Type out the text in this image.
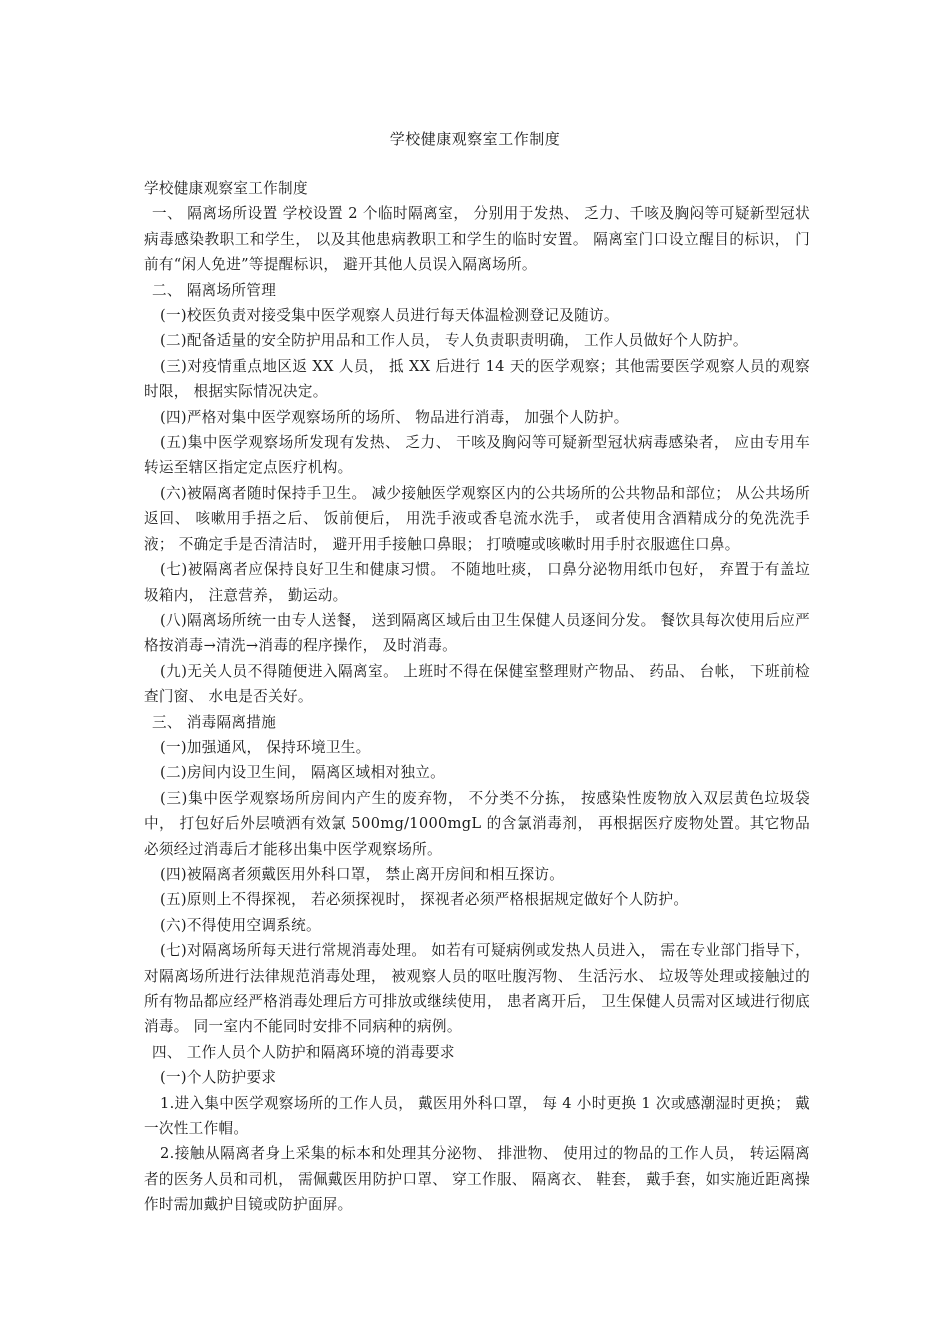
学校健康观察室工作制度

学校健康观察室工作制度

一、 隔离场所设置 学校设置 2 个临时隔离室， 分别用于发热、 乏力、千咳及胸闷等可疑新型冠状病毒感染教职工和学生， 以及其他患病教职工和学生的临时安置。 隔离室门口设立醒目的标识， 门前有“闲人免进”等提醒标识， 避开其他人员误入隔离场所。

二、 隔离场所管理

(一)校医负责对接受集中医学观察人员进行每天体温检测登记及随访。

(二)配备适量的安全防护用品和工作人员， 专人负责职责明确， 工作人员做好个人防护。

(三)对疫情重点地区返 XX 人员， 抵 XX 后进行 14 天的医学观察；其他需要医学观察人员的观察时限， 根据实际情况决定。

(四)严格对集中医学观察场所的场所、 物品进行消毒， 加强个人防护。

(五)集中医学观察场所发现有发热、 乏力、 干咳及胸闷等可疑新型冠状病毒感染者， 应由专用车转运至辖区指定定点医疗机构。

(六)被隔离者随时保持手卫生。 减少接触医学观察区内的公共场所的公共物品和部位； 从公共场所返回、 咳嗽用手捂之后、 饭前便后， 用洗手液或香皂流水洗手， 或者使用含酒精成分的免洗洗手液； 不确定手是否清洁时， 避开用手接触口鼻眼； 打喷嚏或咳嗽时用手肘衣服遮住口鼻。

(七)被隔离者应保持良好卫生和健康习惯。 不随地吐痰， 口鼻分泌物用纸巾包好， 弃置于有盖垃圾箱内， 注意营养， 勤运动。

(八)隔离场所统一由专人送餐， 送到隔离区域后由卫生保健人员逐间分发。 餐饮具每次使用后应严格按消毒→清洗→消毒的程序操作， 及时消毒。

(九)无关人员不得随便进入隔离室。 上班时不得在保健室整理财产物品、 药品、 台帐， 下班前检查门窗、 水电是否关好。

三、 消毒隔离措施

(一)加强通风， 保持环境卫生。

(二)房间内设卫生间， 隔离区域相对独立。

(三)集中医学观察场所房间内产生的废弃物， 不分类不分拣， 按感染性废物放入双层黄色垃圾袋中， 打包好后外层喷洒有效氯 500mg/1000mgL 的含氯消毒剂， 再根据医疗废物处置。其它物品必须经过消毒后才能移出集中医学观察场所。

(四)被隔离者须戴医用外科口罩， 禁止离开房间和相互探访。

(五)原则上不得探视， 若必须探视时， 探视者必须严格根据规定做好个人防护。

(六)不得使用空调系统。

(七)对隔离场所每天进行常规消毒处理。 如若有可疑病例或发热人员进入， 需在专业部门指导下， 对隔离场所进行法律规范消毒处理， 被观察人员的呕吐腹泻物、 生活污水、 垃圾等处理或接触过的所有物品都应经严格消毒处理后方可排放或继续使用， 患者离开后， 卫生保健人员需对区域进行彻底消毒。 同一室内不能同时安排不同病种的病例。

四、 工作人员个人防护和隔离环境的消毒要求

(一)个人防护要求

1.进入集中医学观察场所的工作人员， 戴医用外科口罩， 每 4 小时更换 1 次或感潮湿时更换； 戴一次性工作帽。

2.接触从隔离者身上采集的标本和处理其分泌物、 排泄物、 使用过的物品的工作人员， 转运隔离者的医务人员和司机， 需佩戴医用防护口罩、 穿工作服、 隔离衣、 鞋套， 戴手套，如实施近距离操作时需加戴护目镜或防护面屏。
